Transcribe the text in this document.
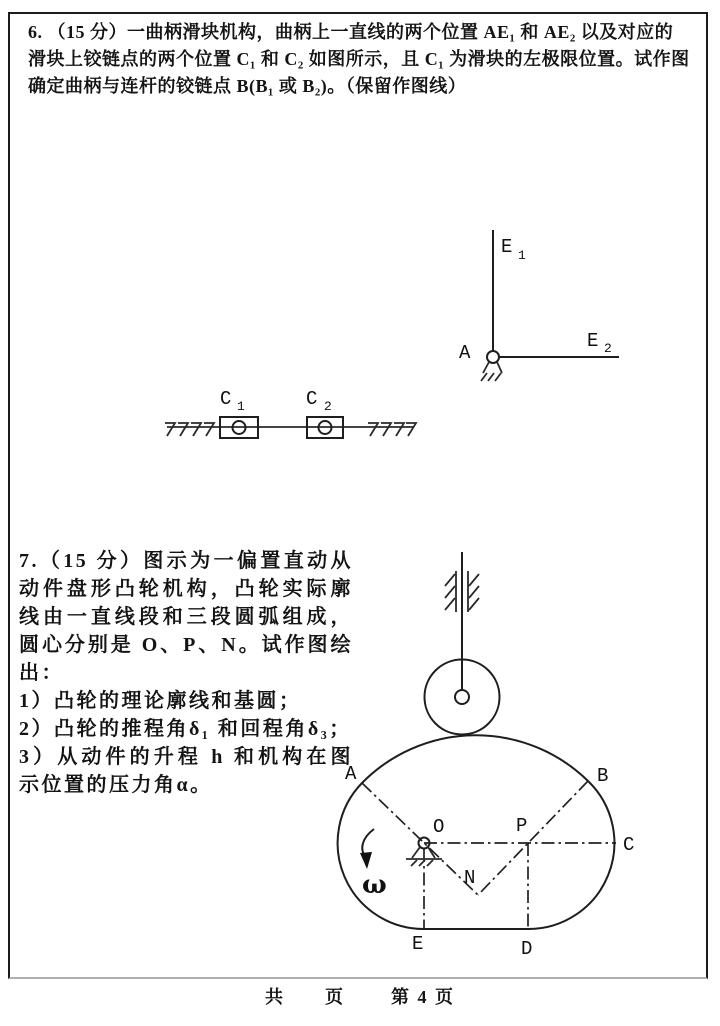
6. （15 分）一曲柄滑块机构，曲柄上一直线的两个位置 AE₁ 和 AE₂ 以及对应的
滑块上铰链点的两个位置 C₁ 和 C₂ 如图所示，且 C₁ 为滑块的左极限位置。试作图
确定曲柄与连杆的铰链点 B(B₁ 或 B₂)。（保留作图线）
7.（15 分）图示为一偏置直动从
动件盘形凸轮机构，凸轮实际廓
线由一直线段和三段圆弧组成，
圆心分别是 O、P、N。试作图绘
出：
1）凸轮的理论廓线和基圆；
2）凸轮的推程角δ₁ 和回程角δ₃；
3）从动件的升程 h 和机构在图
示位置的压力角α。
A
E 1
E 2
C 1	C 2
ω
A	B
C
D
E
O	P
N
共 页	第 4 页
